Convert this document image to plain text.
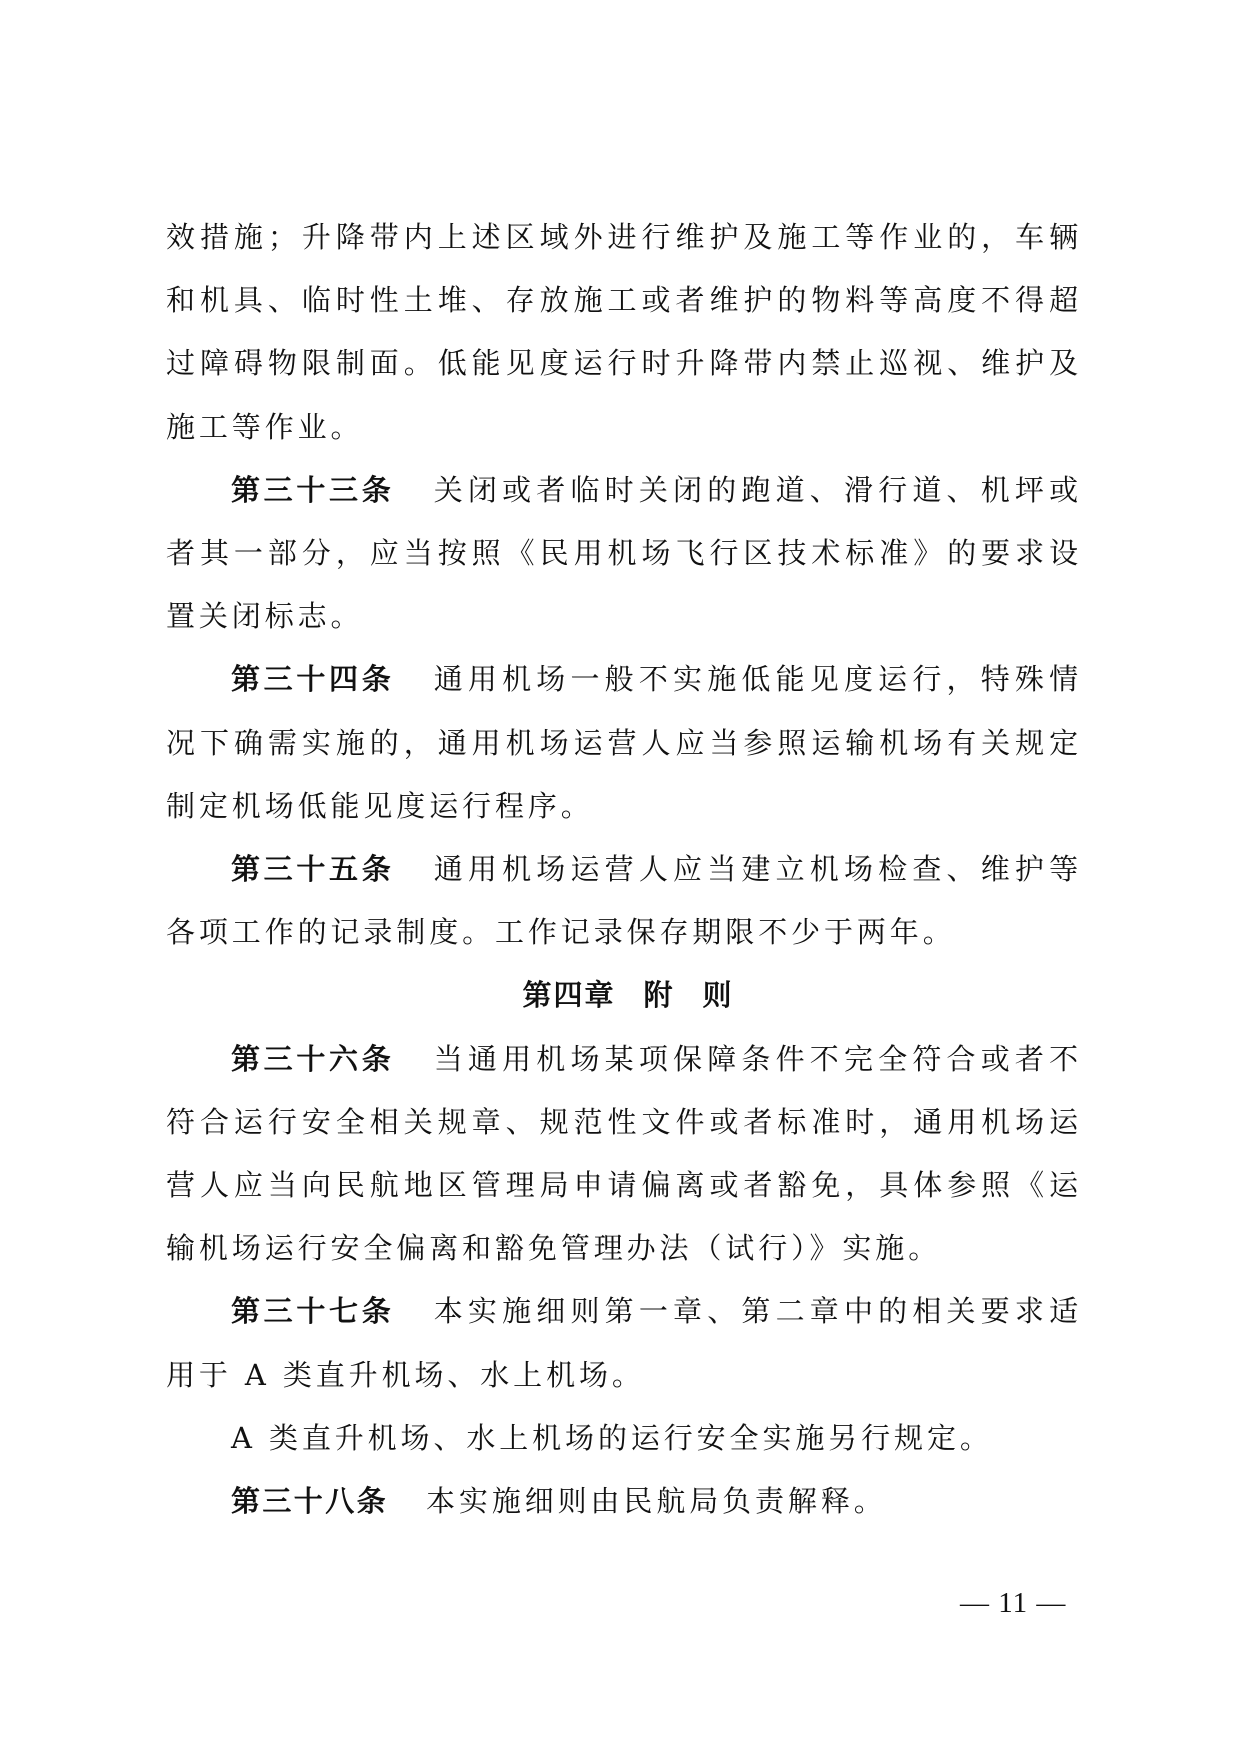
效措施；升降带内上述区域外进行维护及施工等作业的，车辆和机具、临时性土堆、存放施工或者维护的物料等高度不得超过障碍物限制面。低能见度运行时升降带内禁止巡视、维护及施工等作业。

第三十三条 关闭或者临时关闭的跑道、滑行道、机坪或者其一部分，应当按照《民用机场飞行区技术标准》的要求设置关闭标志。

第三十四条 通用机场一般不实施低能见度运行，特殊情况下确需实施的，通用机场运营人应当参照运输机场有关规定制定机场低能见度运行程序。

第三十五条 通用机场运营人应当建立机场检查、维护等各项工作的记录制度。工作记录保存期限不少于两年。

第四章 附 则

第三十六条 当通用机场某项保障条件不完全符合或者不符合运行安全相关规章、规范性文件或者标准时，通用机场运营人应当向民航地区管理局申请偏离或者豁免，具体参照《运输机场运行安全偏离和豁免管理办法（试行）》实施。

第三十七条 本实施细则第一章、第二章中的相关要求适用于 A 类直升机场、水上机场。

A 类直升机场、水上机场的运行安全实施另行规定。

第三十八条 本实施细则由民航局负责解释。

— 11 —
